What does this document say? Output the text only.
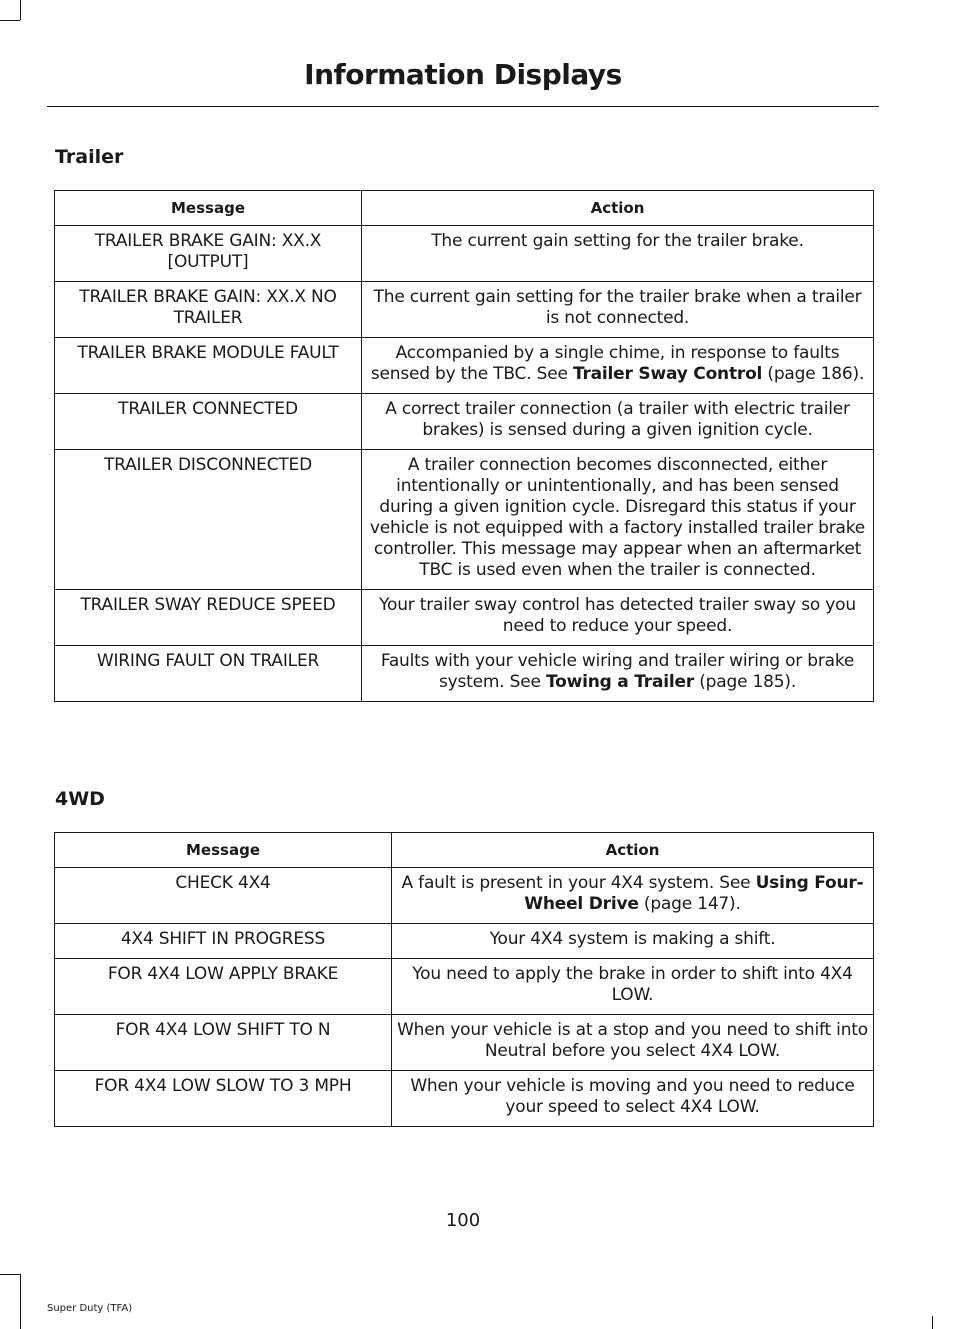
Information Displays
Trailer
Message	Action
TRAILER BRAKE GAIN: XX.X [OUTPUT]	The current gain setting for the trailer brake.
TRAILER BRAKE GAIN: XX.X NO TRAILER	The current gain setting for the trailer brake when a trailer is not connected.
TRAILER BRAKE MODULE FAULT	Accompanied by a single chime, in response to faults sensed by the TBC. See Trailer Sway Control (page 186).
TRAILER CONNECTED	A correct trailer connection (a trailer with electric trailer brakes) is sensed during a given ignition cycle.
TRAILER DISCONNECTED	A trailer connection becomes disconnected, either intentionally or unintentionally, and has been sensed during a given ignition cycle. Disregard this status if your vehicle is not equipped with a factory installed trailer brake controller. This message may appear when an aftermarket TBC is used even when the trailer is connected.
TRAILER SWAY REDUCE SPEED	Your trailer sway control has detected trailer sway so you need to reduce your speed.
WIRING FAULT ON TRAILER	Faults with your vehicle wiring and trailer wiring or brake system. See Towing a Trailer (page 185).
4WD
Message	Action
CHECK 4X4	A fault is present in your 4X4 system. See Using Four-Wheel Drive (page 147).
4X4 SHIFT IN PROGRESS	Your 4X4 system is making a shift.
FOR 4X4 LOW APPLY BRAKE	You need to apply the brake in order to shift into 4X4 LOW.
FOR 4X4 LOW SHIFT TO N	When your vehicle is at a stop and you need to shift into Neutral before you select 4X4 LOW.
FOR 4X4 LOW SLOW TO 3 MPH	When your vehicle is moving and you need to reduce your speed to select 4X4 LOW.
100
Super Duty (TFA)
